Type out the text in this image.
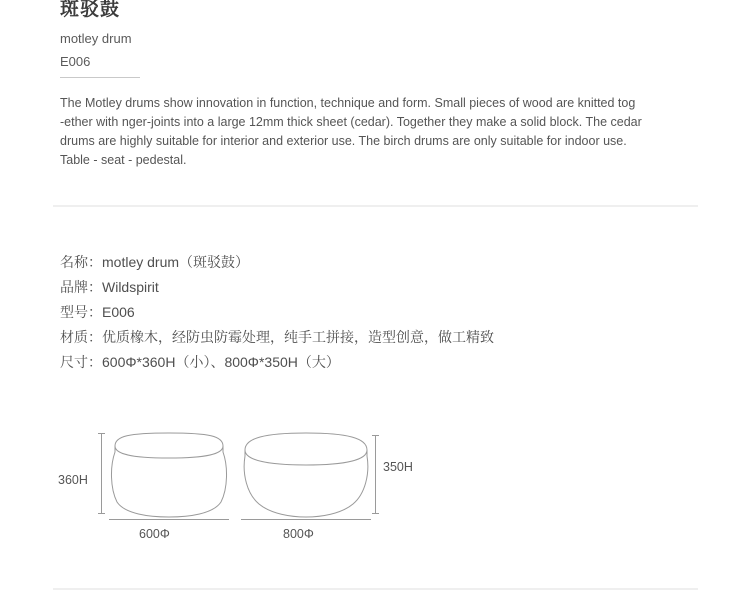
斑驳鼓
motley drum
E006
The Motley drums show innovation in function, technique and form. Small pieces of wood are knitted tog
-ether with nger-joints into a large 12mm thick sheet (cedar). Together they make a solid block. The cedar
drums are highly suitable for interior and exterior use. The birch drums are only suitable for indoor use.
Table - seat - pedestal.
名称：motley drum（斑驳鼓）
品牌：Wildspirit
型号：E006
材质：优质橡木，经防虫防霉处理，纯手工拼接，造型创意，做工精致
尺寸：600Φ*360H（小）、800Φ*350H（大）
360H
600Φ	800Φ
350H
